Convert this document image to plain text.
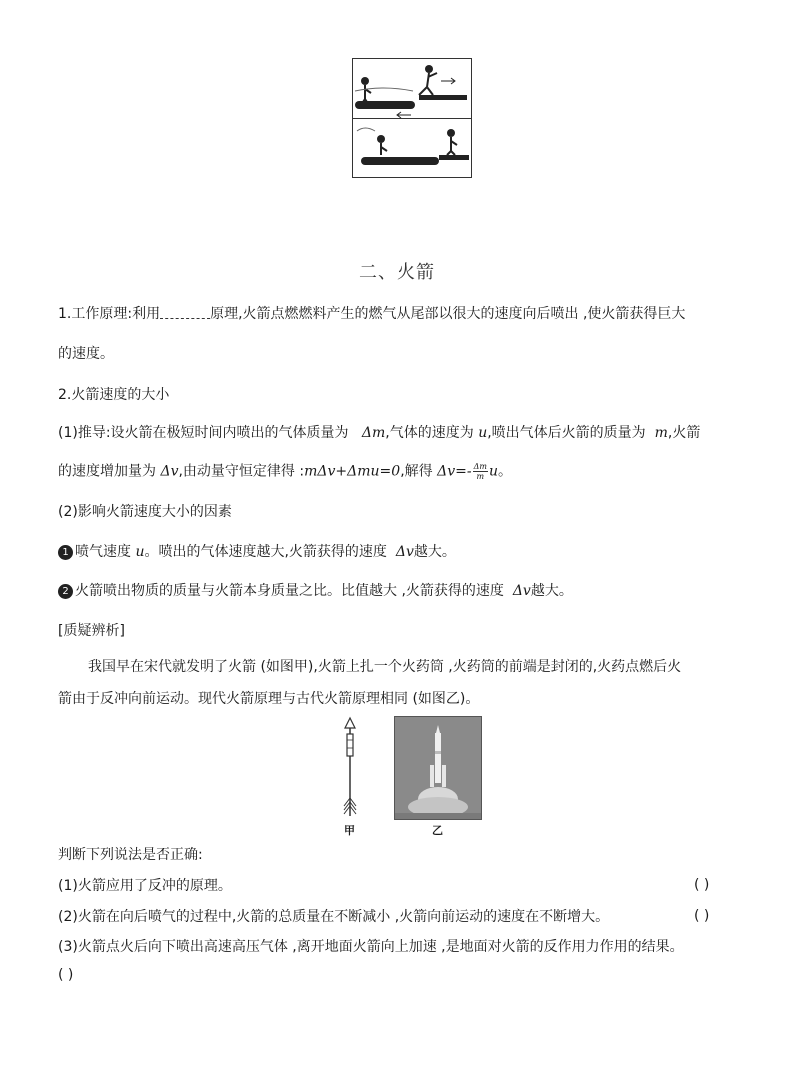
二、火箭
1.工作原理:利用	原理,火箭点燃燃料产生的燃气从尾部以很大的速度向后喷出 ,使火箭获得巨大
的速度。
2.火箭速度的大小
(1)推导:设火箭在极短时间内喷出的气体质量为 Δm,气体的速度为 u,喷出气体后火箭的质量为 m,火箭
的速度增加量为 Δv,由动量守恒定律得 :mΔv+Δmu=0,解得 $\Delta v=- \frac{\Delta m}{m}$ u。
(2)影响火箭速度大小的因素
1 喷气速度 u。喷出的气体速度越大,火箭获得的速度 Δv越大。
2 火箭喷出物质的质量与火箭本身质量之比。比值越大 ,火箭获得的速度 Δv越大。
[质疑辨析]
我国早在宋代就发明了火箭 (如图甲),火箭上扎一个火药筒 ,火药筒的前端是封闭的,火药点燃后火
箭由于反冲向前运动。现代火箭原理与古代火箭原理相同 (如图乙)。
甲	乙
判断下列说法是否正确:
(1)火箭应用了反冲的原理。	( )
(2)火箭在向后喷气的过程中,火箭的总质量在不断减小 ,火箭向前运动的速度在不断增大。	( )
(3)火箭点火后向下喷出高速高压气体 ,离开地面火箭向上加速 ,是地面对火箭的反作用力作用的结果。
( )
